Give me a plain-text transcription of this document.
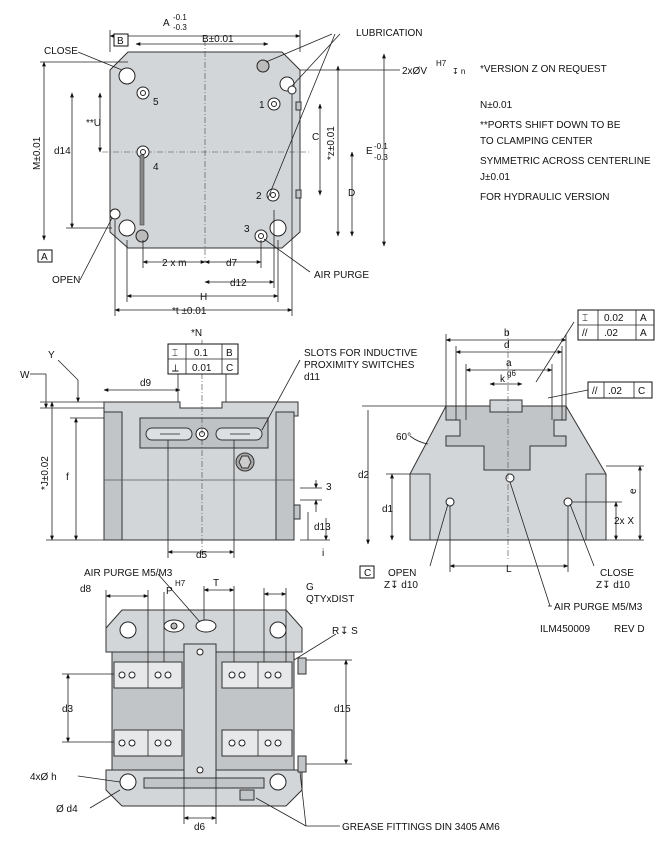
LUBRICATION
CLOSE
OPEN	AIR PURGE
B
A
A
-0.1
-0.3
B±0.01
2xØV
H7
↧ n
M±0.01
**U
d14
C *z±0.01	E -0.1
-0.3
D
2 x m	d7
d12
H
*t ±0.01
1
2
3
4
5
*N
⌶ 0.1 B
⟂ 0.01 C
SLOTS FOR INDUCTIVE
PROXIMITY SWITCHES
d11
Y
W
d9
*J±0.02 f
3
d13
i
d5
⌶ 0.02 A
// .02 A
// .02 C
b
d
a
k
g6
60°
d2
d1
e
2x X
C OPEN
Z↧ d10
CLOSE
Z↧ d10
L
AIR PURGE M5/M3
ILM450009 REV D
AIR PURGE M5/M3
P
H7	T	G
QTYxDIST
d8
R ↧ S
d3	d15
4xØ h
Ø d4
d6	GREASE FITTINGS DIN 3405 AM6

*VERSION Z ON REQUEST

N±0.01

TO CLAMPING CENTER

J±0.01

**PORTS SHIFT DOWN TO BE

SYMMETRIC ACROSS CENTERLINE

FOR HYDRAULIC VERSION
